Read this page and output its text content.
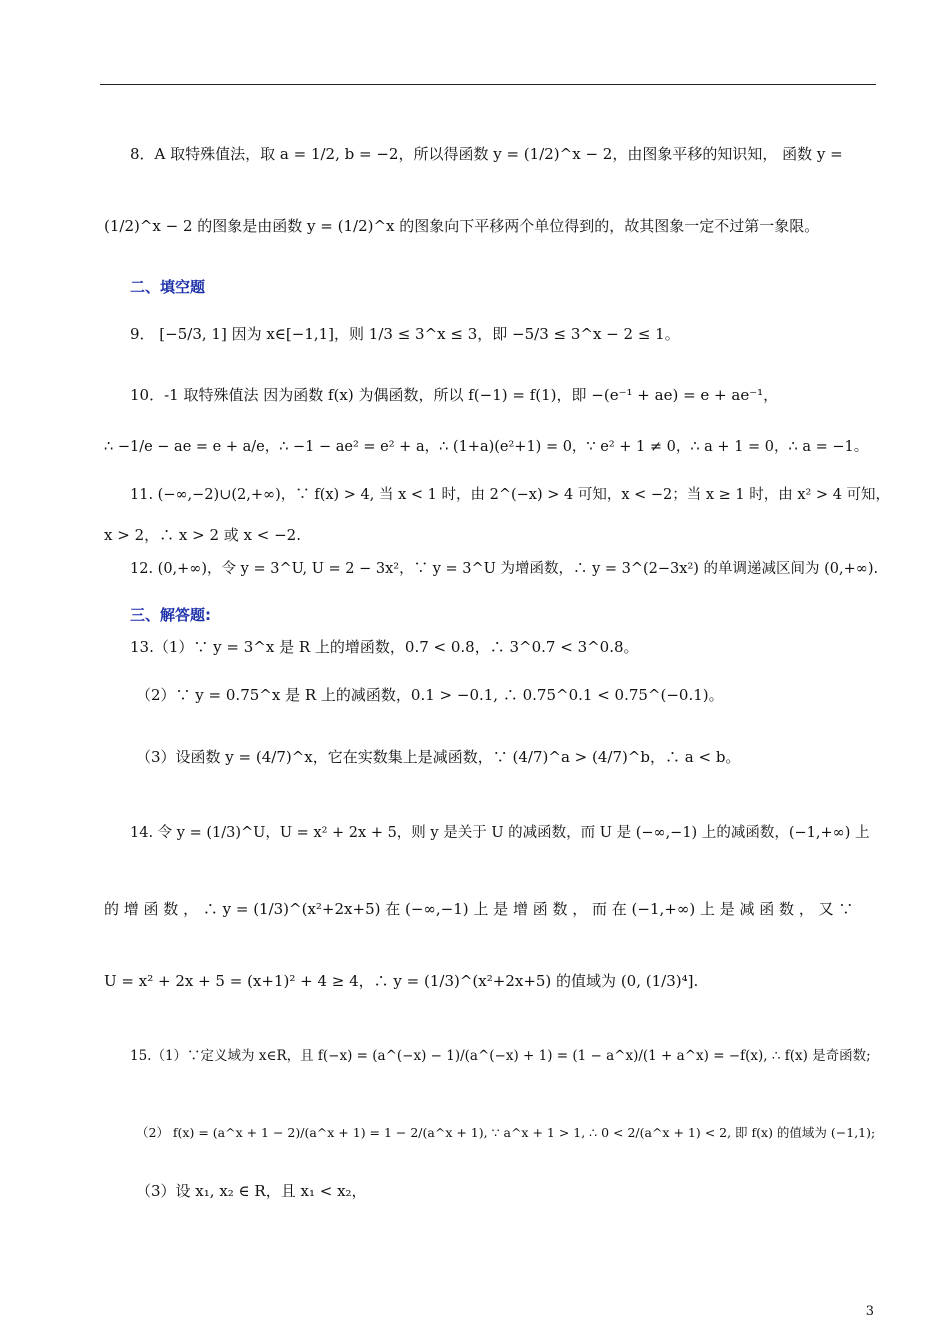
8．A 取特殊值法，取 a = 1/2, b = −2，所以得函数 y = (1/2)^x − 2，由图象平移的知识知， 函数 y =
(1/2)^x − 2 的图象是由函数 y = (1/2)^x 的图象向下平移两个单位得到的，故其图象一定不过第一象限。
二、填空题
9． [−5/3, 1] 因为 x∈[−1,1]，则 1/3 ≤ 3^x ≤ 3，即 −5/3 ≤ 3^x − 2 ≤ 1。
10．-1 取特殊值法 因为函数 f(x) 为偶函数，所以 f(−1) = f(1)，即 −(e⁻¹ + ae) = e + ae⁻¹，
∴ −1/e − ae = e + a/e，∴ −1 − ae² = e² + a，∴ (1+a)(e²+1) = 0，∵ e² + 1 ≠ 0，∴ a + 1 = 0，∴ a = −1。
11. (−∞,−2)∪(2,+∞)，∵ f(x) > 4, 当 x < 1 时，由 2^(−x) > 4 可知，x < −2；当 x ≥ 1 时，由 x² > 4 可知，
x > 2，∴ x > 2 或 x < −2.
12. (0,+∞)，令 y = 3^U, U = 2 − 3x²，∵ y = 3^U 为增函数，∴ y = 3^(2−3x²) 的单调递减区间为 (0,+∞).
三、解答题:
13.（1）∵ y = 3^x 是 R 上的增函数，0.7 < 0.8，∴ 3^0.7 < 3^0.8。
（2）∵ y = 0.75^x 是 R 上的减函数，0.1 > −0.1, ∴ 0.75^0.1 < 0.75^(−0.1)。
（3）设函数 y = (4/7)^x，它在实数集上是减函数，∵ (4/7)^a > (4/7)^b，∴ a < b。
14. 令 y = (1/3)^U，U = x² + 2x + 5，则 y 是关于 U 的减函数，而 U 是 (−∞,−1) 上的减函数，(−1,+∞) 上
的 增 函 数 ， ∴ y = (1/3)^(x²+2x+5) 在 (−∞,−1) 上 是 增 函 数 ， 而 在 (−1,+∞) 上 是 减 函 数 ， 又 ∵
U = x² + 2x + 5 = (x+1)² + 4 ≥ 4，∴ y = (1/3)^(x²+2x+5) 的值域为 (0, (1/3)⁴].
15.（1）∵定义域为 x∈R，且 f(−x) = (a^(−x) − 1)/(a^(−x) + 1) = (1 − a^x)/(1 + a^x) = −f(x), ∴ f(x) 是奇函数;
（2） f(x) = (a^x + 1 − 2)/(a^x + 1) = 1 − 2/(a^x + 1), ∵ a^x + 1 > 1, ∴ 0 < 2/(a^x + 1) < 2, 即 f(x) 的值域为 (−1,1);
（3）设 x₁, x₂ ∈ R，且 x₁ < x₂，
3
